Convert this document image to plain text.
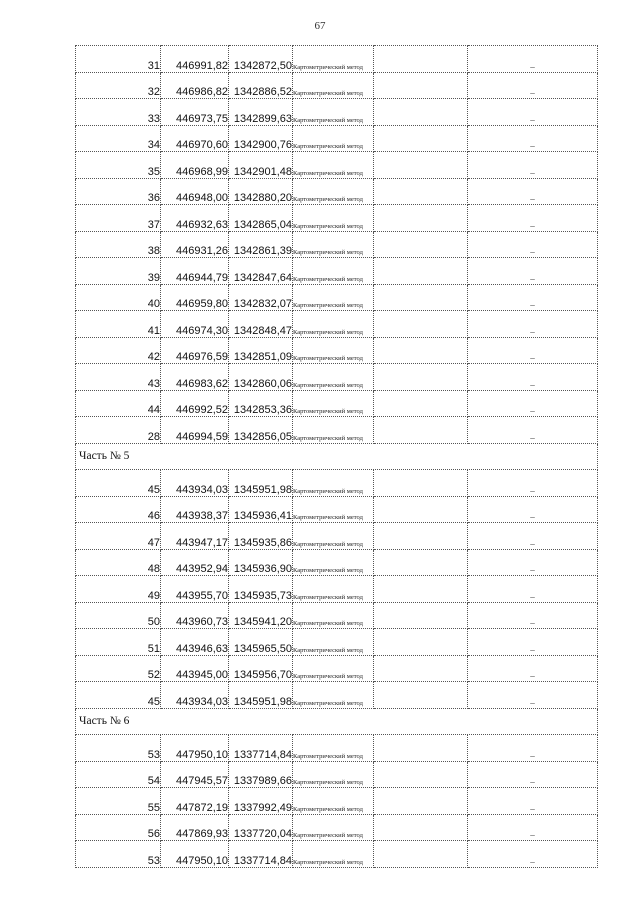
67
31	446991,82	1342872,50	Картометрический метод		–
32	446986,82	1342886,52	Картометрический метод		–
33	446973,75	1342899,63	Картометрический метод		–
34	446970,60	1342900,76	Картометрический метод		–
35	446968,99	1342901,48	Картометрический метод		–
36	446948,00	1342880,20	Картометрический метод		–
37	446932,63	1342865,04	Картометрический метод		–
38	446931,26	1342861,39	Картометрический метод		–
39	446944,79	1342847,64	Картометрический метод		–
40	446959,80	1342832,07	Картометрический метод		–
41	446974,30	1342848,47	Картометрический метод		–
42	446976,59	1342851,09	Картометрический метод		–
43	446983,62	1342860,06	Картометрический метод		–
44	446992,52	1342853,36	Картометрический метод		–
28	446994,59	1342856,05	Картометрический метод		–
Часть № 5					
45	443934,03	1345951,98	Картометрический метод		–
46	443938,37	1345936,41	Картометрический метод		–
47	443947,17	1345935,86	Картометрический метод		–
48	443952,94	1345936,90	Картометрический метод		–
49	443955,70	1345935,73	Картометрический метод		–
50	443960,73	1345941,20	Картометрический метод		–
51	443946,63	1345965,50	Картометрический метод		–
52	443945,00	1345956,70	Картометрический метод		–
45	443934,03	1345951,98	Картометрический метод		–
Часть № 6					
53	447950,10	1337714,84	Картометрический метод		–
54	447945,57	1337989,66	Картометрический метод		–
55	447872,19	1337992,49	Картометрический метод		–
56	447869,93	1337720,04	Картометрический метод		–
53	447950,10	1337714,84	Картометрический метод		–
